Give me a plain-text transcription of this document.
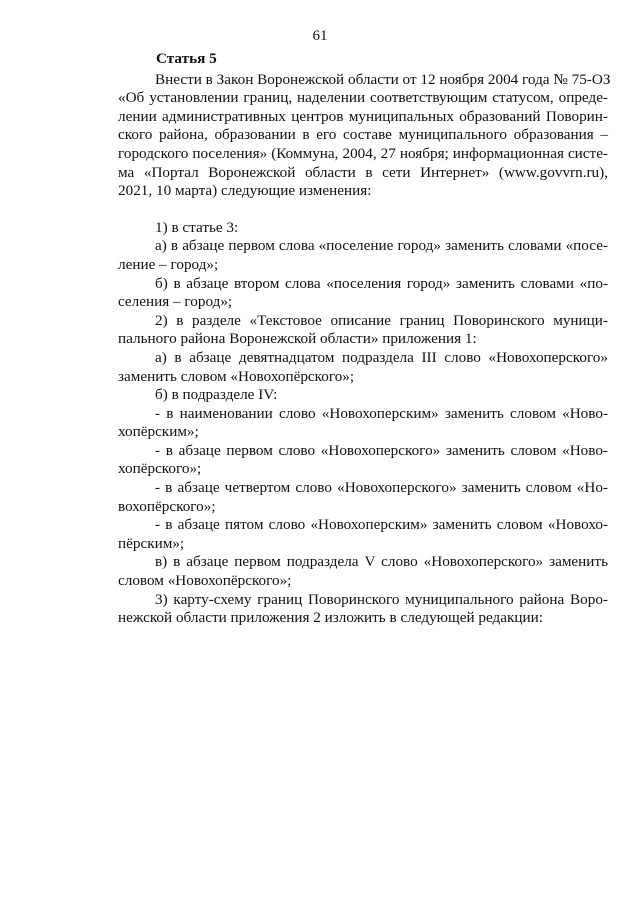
61
Статья 5
Внести в Закон Воронежской области от 12 ноября 2004 года № 75-ОЗ
«Об установлении границ, наделении соответствующим статусом, опреде-
лении административных центров муниципальных образований Поворин-
ского района, образовании в его составе муниципального образования –
городского поселения» (Коммуна, 2004, 27 ноября; информационная систе-
ма «Портал Воронежской области в сети Интернет» (www.govvrn.ru),
2021, 10 марта) следующие изменения:
1) в статье 3:
а) в абзаце первом слова «поселение город» заменить словами «посе-
ление – город»;
б) в абзаце втором слова «поселения город» заменить словами «по-
селения – город»;
2) в разделе «Текстовое описание границ Поворинского муници-
пального района Воронежской области» приложения 1:
а) в абзаце девятнадцатом подраздела III слово «Новохоперского»
заменить словом «Новохопёрского»;
б) в подразделе IV:
- в наименовании слово «Новохоперским» заменить словом «Ново-
хопёрским»;
- в абзаце первом слово «Новохоперского» заменить словом «Ново-
хопёрского»;
- в абзаце четвертом слово «Новохоперского» заменить словом «Но-
вохопёрского»;
- в абзаце пятом слово «Новохоперским» заменить словом «Новохо-
пёрским»;
в) в абзаце первом подраздела V слово «Новохоперского» заменить
словом «Новохопёрского»;
3) карту-схему границ Поворинского муниципального района Воро-
нежской области приложения 2 изложить в следующей редакции:
